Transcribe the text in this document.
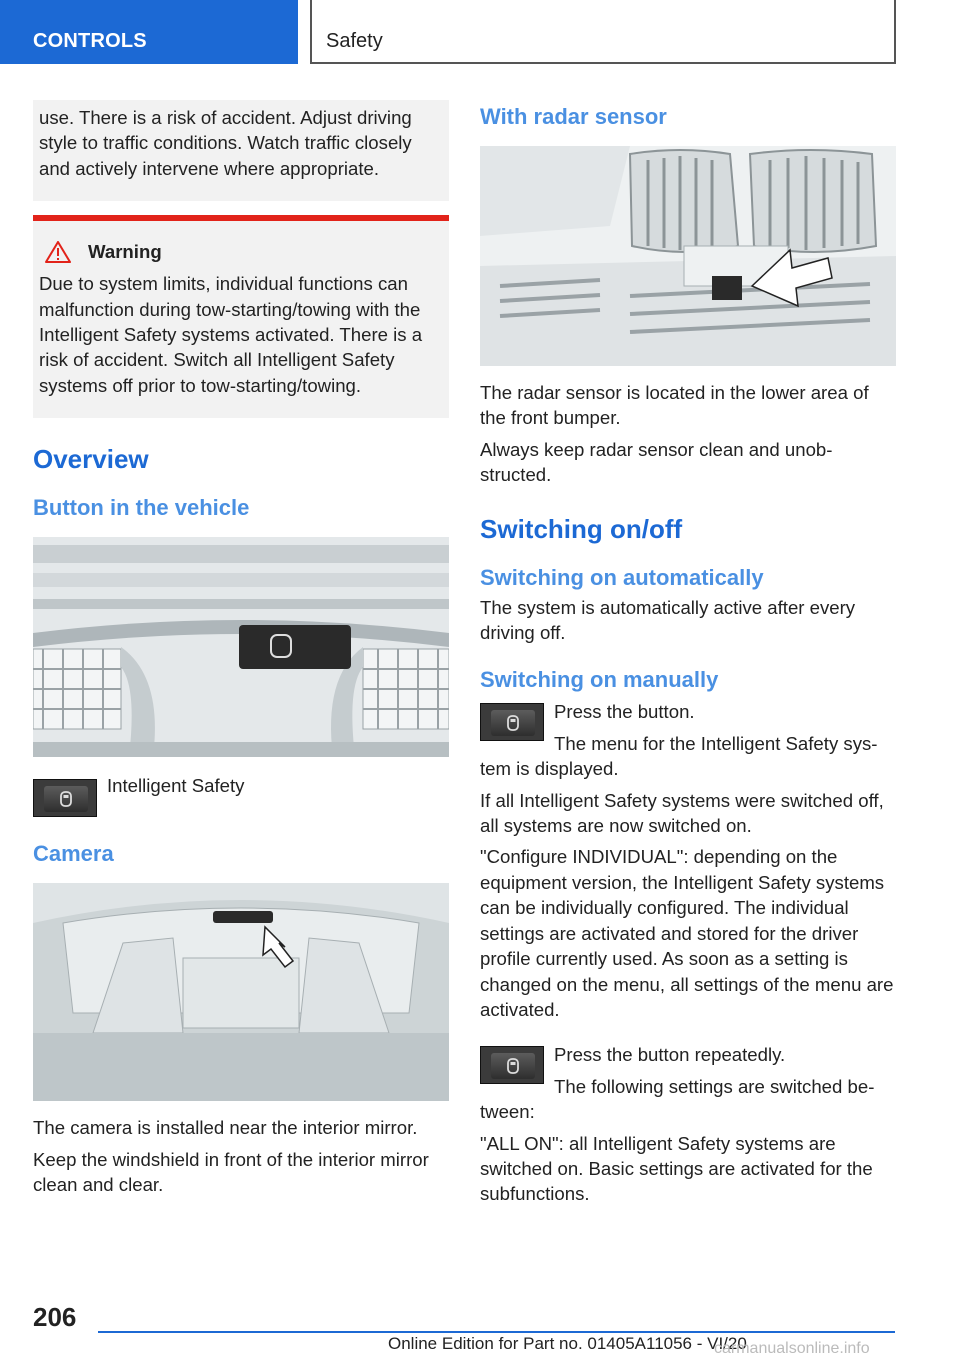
CONTROLS	Safety

use. There is a risk of accident. Adjust driving style to traffic conditions. Watch traffic closely and actively intervene where appropriate.

Warning

Due to system limits, individual functions can malfunction during tow-starting/towing with the Intelligent Safety systems activated. There is a risk of accident. Switch all Intelligent Safety systems off prior to tow-starting/towing.

Overview
Button in the vehicle

Intelligent Safety

Camera

The camera is installed near the interior mirror.

Keep the windshield in front of the interior mirror clean and clear.

With radar sensor

The radar sensor is located in the lower area of the front bumper.

Always keep radar sensor clean and unobstructed.

Switching on/off
Switching on automatically

The system is automatically active after every driving off.

Switching on manually

Press the button.

The menu for the Intelligent Safety system is displayed.

If all Intelligent Safety systems were switched off, all systems are now switched on.

"Configure INDIVIDUAL": depending on the equipment version, the Intelligent Safety systems can be individually configured. The individual settings are activated and stored for the driver profile currently used. As soon as a setting is changed on the menu, all settings of the menu are activated.

Press the button repeatedly.

The following settings are switched between:

"ALL ON": all Intelligent Safety systems are switched on. Basic settings are activated for the subfunctions.

206
Online Edition for Part no. 01405A11056 - VI/20
carmanualsonline.info
